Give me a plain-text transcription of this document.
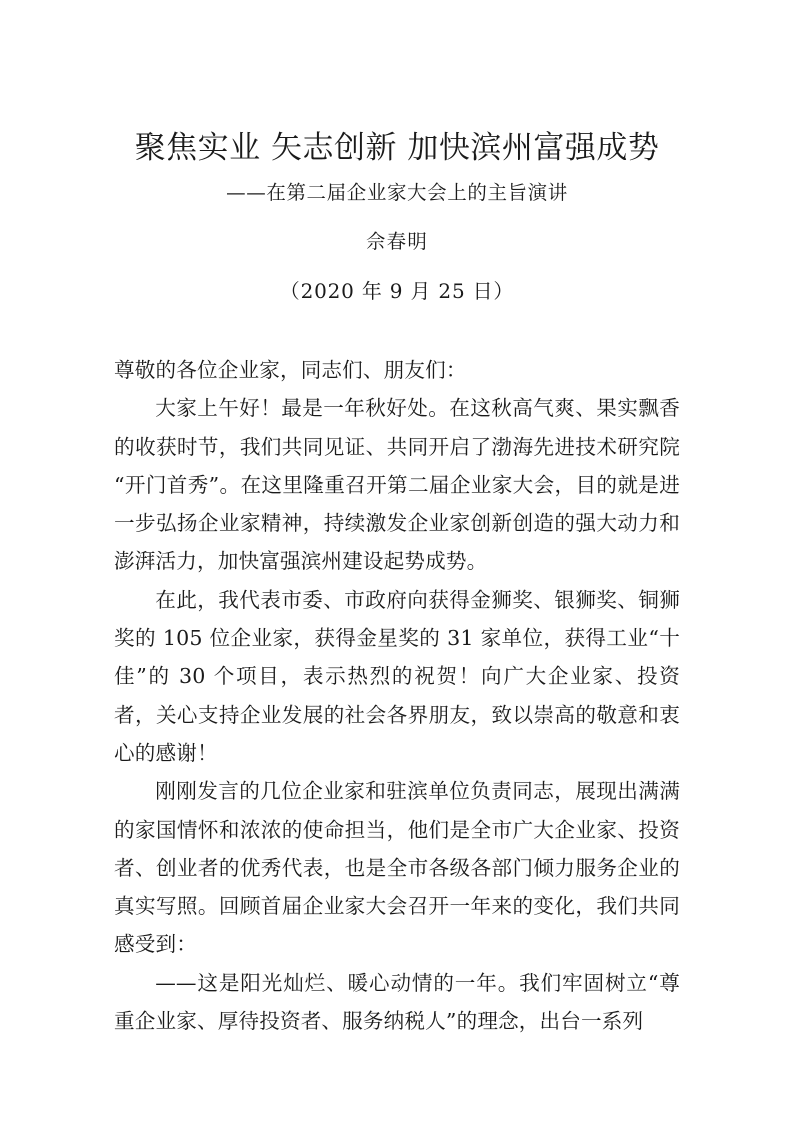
聚焦实业 矢志创新 加快滨州富强成势

——在第二届企业家大会上的主旨演讲

佘春明

（2020 年 9 月 25 日）

尊敬的各位企业家，同志们、朋友们：

大家上午好！最是一年秋好处。在这秋高气爽、果实飘香的收获时节，我们共同见证、共同开启了渤海先进技术研究院“开门首秀”。在这里隆重召开第二届企业家大会，目的就是进一步弘扬企业家精神，持续激发企业家创新创造的强大动力和澎湃活力，加快富强滨州建设起势成势。

在此，我代表市委、市政府向获得金狮奖、银狮奖、铜狮奖的 105 位企业家，获得金星奖的 31 家单位，获得工业“十佳”的 30 个项目，表示热烈的祝贺！向广大企业家、投资者，关心支持企业发展的社会各界朋友，致以崇高的敬意和衷心的感谢！

刚刚发言的几位企业家和驻滨单位负责同志，展现出满满的家国情怀和浓浓的使命担当，他们是全市广大企业家、投资者、创业者的优秀代表，也是全市各级各部门倾力服务企业的真实写照。回顾首届企业家大会召开一年来的变化，我们共同感受到：

——这是阳光灿烂、暖心动情的一年。我们牢固树立“尊重企业家、厚待投资者、服务纳税人”的理念，出台一系列
